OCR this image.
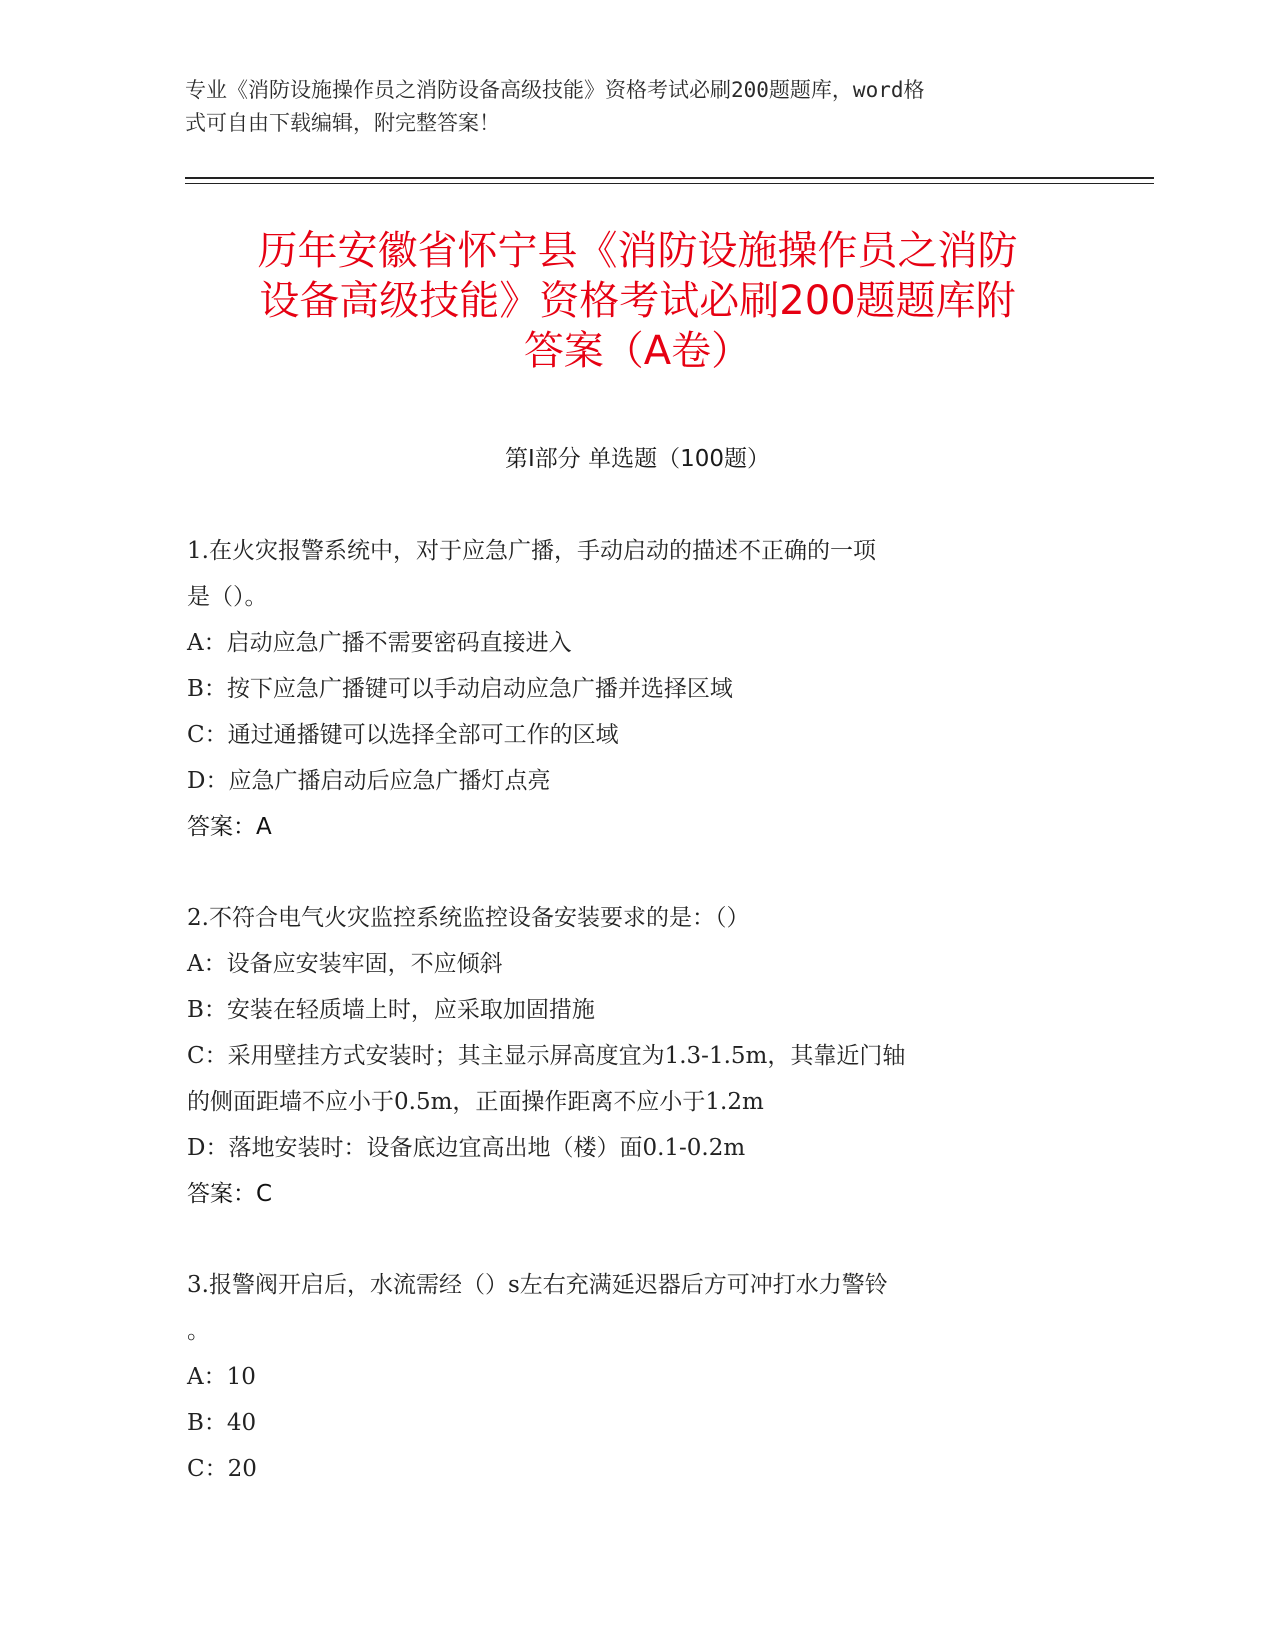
专业《消防设施操作员之消防设备高级技能》资格考试必刷200题题库，word格
式可自由下载编辑，附完整答案！
历年安徽省怀宁县《消防设施操作员之消防
设备高级技能》资格考试必刷200题题库附
答案（A卷）
第Ⅰ部分 单选题（100题）
1.在火灾报警系统中，对于应急广播，手动启动的描述不正确的一项
是（）。
A：启动应急广播不需要密码直接进入
B：按下应急广播键可以手动启动应急广播并选择区域
C：通过通播键可以选择全部可工作的区域
D：应急广播启动后应急广播灯点亮
答案：A
2.不符合电气火灾监控系统监控设备安装要求的是：（）
A：设备应安装牢固，不应倾斜
B：安装在轻质墙上时，应采取加固措施
C：采用壁挂方式安装时；其主显示屏高度宜为1.3-1.5m，其靠近门轴
的侧面距墙不应小于0.5m，正面操作距离不应小于1.2m
D：落地安装时：设备底边宜高出地（楼）面0.1-0.2m
答案：C
3.报警阀开启后，水流需经（）s左右充满延迟器后方可冲打水力警铃
。
A：10
B：40
C：20
